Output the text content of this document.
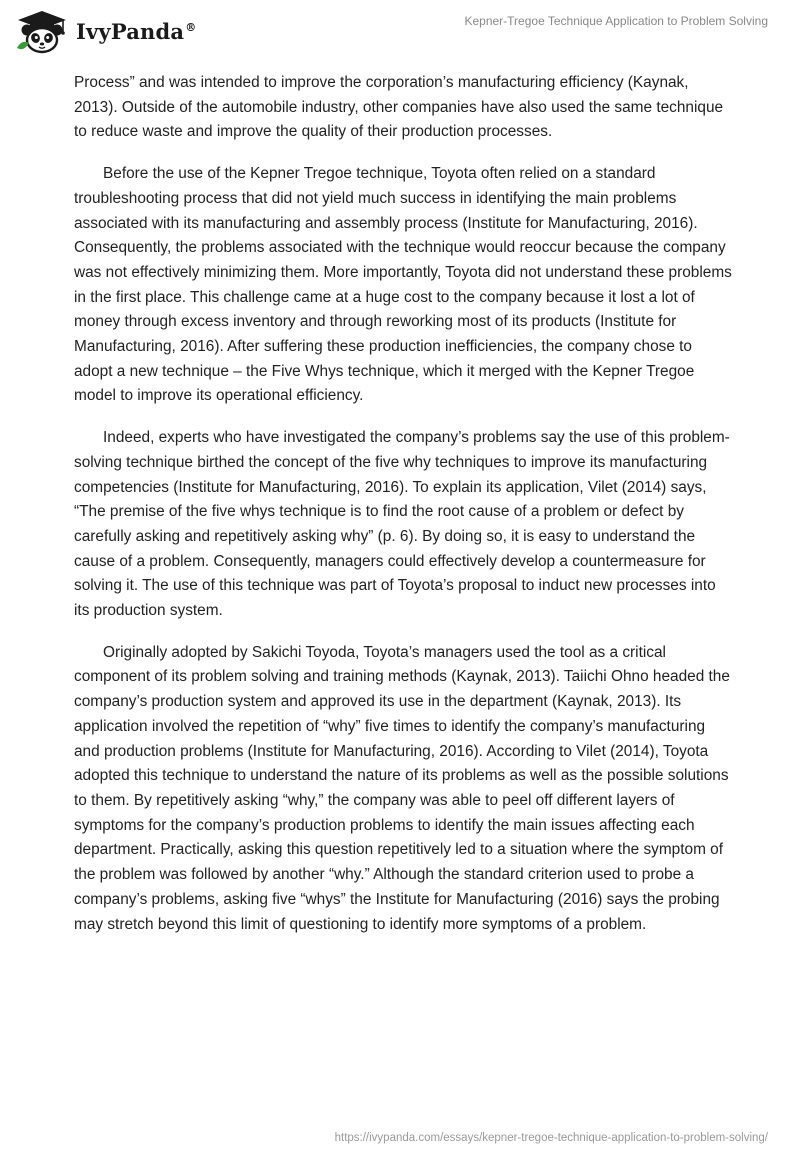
IvyPanda®	Kepner-Tregoe Technique Application to Problem Solving

Process” and was intended to improve the corporation’s manufacturing efficiency (Kaynak, 2013). Outside of the automobile industry, other companies have also used the same technique to reduce waste and improve the quality of their production processes.

Before the use of the Kepner Tregoe technique, Toyota often relied on a standard troubleshooting process that did not yield much success in identifying the main problems associated with its manufacturing and assembly process (Institute for Manufacturing, 2016). Consequently, the problems associated with the technique would reoccur because the company was not effectively minimizing them. More importantly, Toyota did not understand these problems in the first place. This challenge came at a huge cost to the company because it lost a lot of money through excess inventory and through reworking most of its products (Institute for Manufacturing, 2016). After suffering these production inefficiencies, the company chose to adopt a new technique – the Five Whys technique, which it merged with the Kepner Tregoe model to improve its operational efficiency.

Indeed, experts who have investigated the company’s problems say the use of this problem-solving technique birthed the concept of the five why techniques to improve its manufacturing competencies (Institute for Manufacturing, 2016). To explain its application, Vilet (2014) says, “The premise of the five whys technique is to find the root cause of a problem or defect by carefully asking and repetitively asking why” (p. 6). By doing so, it is easy to understand the cause of a problem. Consequently, managers could effectively develop a countermeasure for solving it. The use of this technique was part of Toyota’s proposal to induct new processes into its production system.

Originally adopted by Sakichi Toyoda, Toyota’s managers used the tool as a critical component of its problem solving and training methods (Kaynak, 2013). Taiichi Ohno headed the company’s production system and approved its use in the department (Kaynak, 2013). Its application involved the repetition of “why” five times to identify the company’s manufacturing and production problems (Institute for Manufacturing, 2016). According to Vilet (2014), Toyota adopted this technique to understand the nature of its problems as well as the possible solutions to them. By repetitively asking “why,” the company was able to peel off different layers of symptoms for the company’s production problems to identify the main issues affecting each department. Practically, asking this question repetitively led to a situation where the symptom of the problem was followed by another “why.” Although the standard criterion used to probe a company’s problems, asking five “whys” the Institute for Manufacturing (2016) says the probing may stretch beyond this limit of questioning to identify more symptoms of a problem.

https://ivypanda.com/essays/kepner-tregoe-technique-application-to-problem-solving/
